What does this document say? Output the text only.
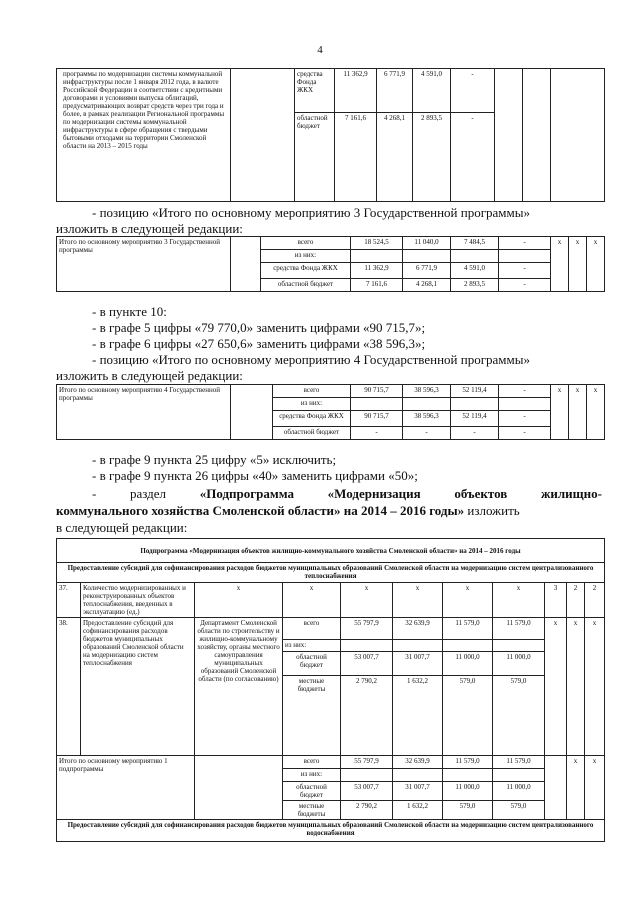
4
программы по модернизации системы коммунальной инфраструктуры после 1 января 2012 года, в валюте Российской Федерации в соответствии с кредитными договорами и условиями выпуска облигаций, предусматривающих возврат средств через три года и более, в рамках реализации Региональной программы по модернизации системы коммунальной инфраструктуры в сфере обращения с твердыми бытовыми отходами на территории Смоленской области на 2013 – 2015 годы		средства Фонда ЖКХ	11 362,9	6 771,9	4 591,0	-			
		областной бюджет	7 161,6	4 268,1	2 893,5	-			
- позицию «Итого по основному мероприятию 3 Государственной программы»
изложить в следующей редакции:
Итого по основному мероприятию 3 Государственной программы		всего	18 524,5	11 040,0	7 484,5	-	x	x	x
		из них:							
		средства Фонда ЖКХ	11 362,9	6 771,9	4 591,0	-			
		областной бюджет	7 161,6	4 268,1	2 893,5	-			
- в пункте 10:
- в графе 5 цифры «79 770,0» заменить цифрами «90 715,7»;
- в графе 6 цифры «27 650,6» заменить цифрами «38 596,3»;
- позицию «Итого по основному мероприятию 4 Государственной программы»
изложить в следующей редакции:
Итого по основному мероприятию 4 Государственной программы		всего	90 715,7	38 596,3	52 119,4	-	x	x	x
		из них:							
		средства Фонда ЖКХ	90 715,7	38 596,3	52 119,4	-			
		областной бюджет	-	-	-	-			
- в графе 9 пункта 25 цифру «5» исключить;
- в графе 9 пункта 26 цифры «40» заменить цифрами «50»;
-	раздел	«Подпрограмма	«Модернизация	объектов	жилищно-
коммунального хозяйства Смоленской области» на 2014 – 2016 годы» изложить
в следующей редакции:
Подпрограмма «Модернизация объектов жилищно-коммунального хозяйства Смоленской области» на 2014 – 2016 годы										
Предоставление субсидий для софинансирования расходов бюджетов муниципальных образований Смоленской области на модернизацию систем централизованного теплоснабжения										
37.	Количество модернизированных и реконструированных объектов теплоснабжения, введенных в эксплуатацию (ед.)	x	x	x	x	x	x	3	2	2
38.	Предоставление субсидий для софинансирования расходов бюджетов муниципальных образований Смоленской области на модернизацию систем теплоснабжения	Департамент Смоленской области по строительству и жилищно-коммунальному хозяйству, органы местного самоуправления муниципальных образований Смоленской области (по согласованию)	всего	55 797,9	32 639,9	11 579,0	11 579,0	x	x	x
			из них:							
			областной бюджет	53 007,7	31 007,7	11 000,0	11 000,0			
			местные бюджеты	2 790,2	1 632,2	579,0	579,0			
Итого по основному мероприятию 1 подпрограммы			всего	55 797,9	32 639,9	11 579,0	11 579,0		x	x
			из них:							
			областной бюджет	53 007,7	31 007,7	11 000,0	11 000,0			
			местные бюджеты	2 790,2	1 632,2	579,0	579,0			
Предоставление субсидий для софинансирования расходов бюджетов муниципальных образований Смоленской области на модернизацию систем централизованного водоснабжения										
